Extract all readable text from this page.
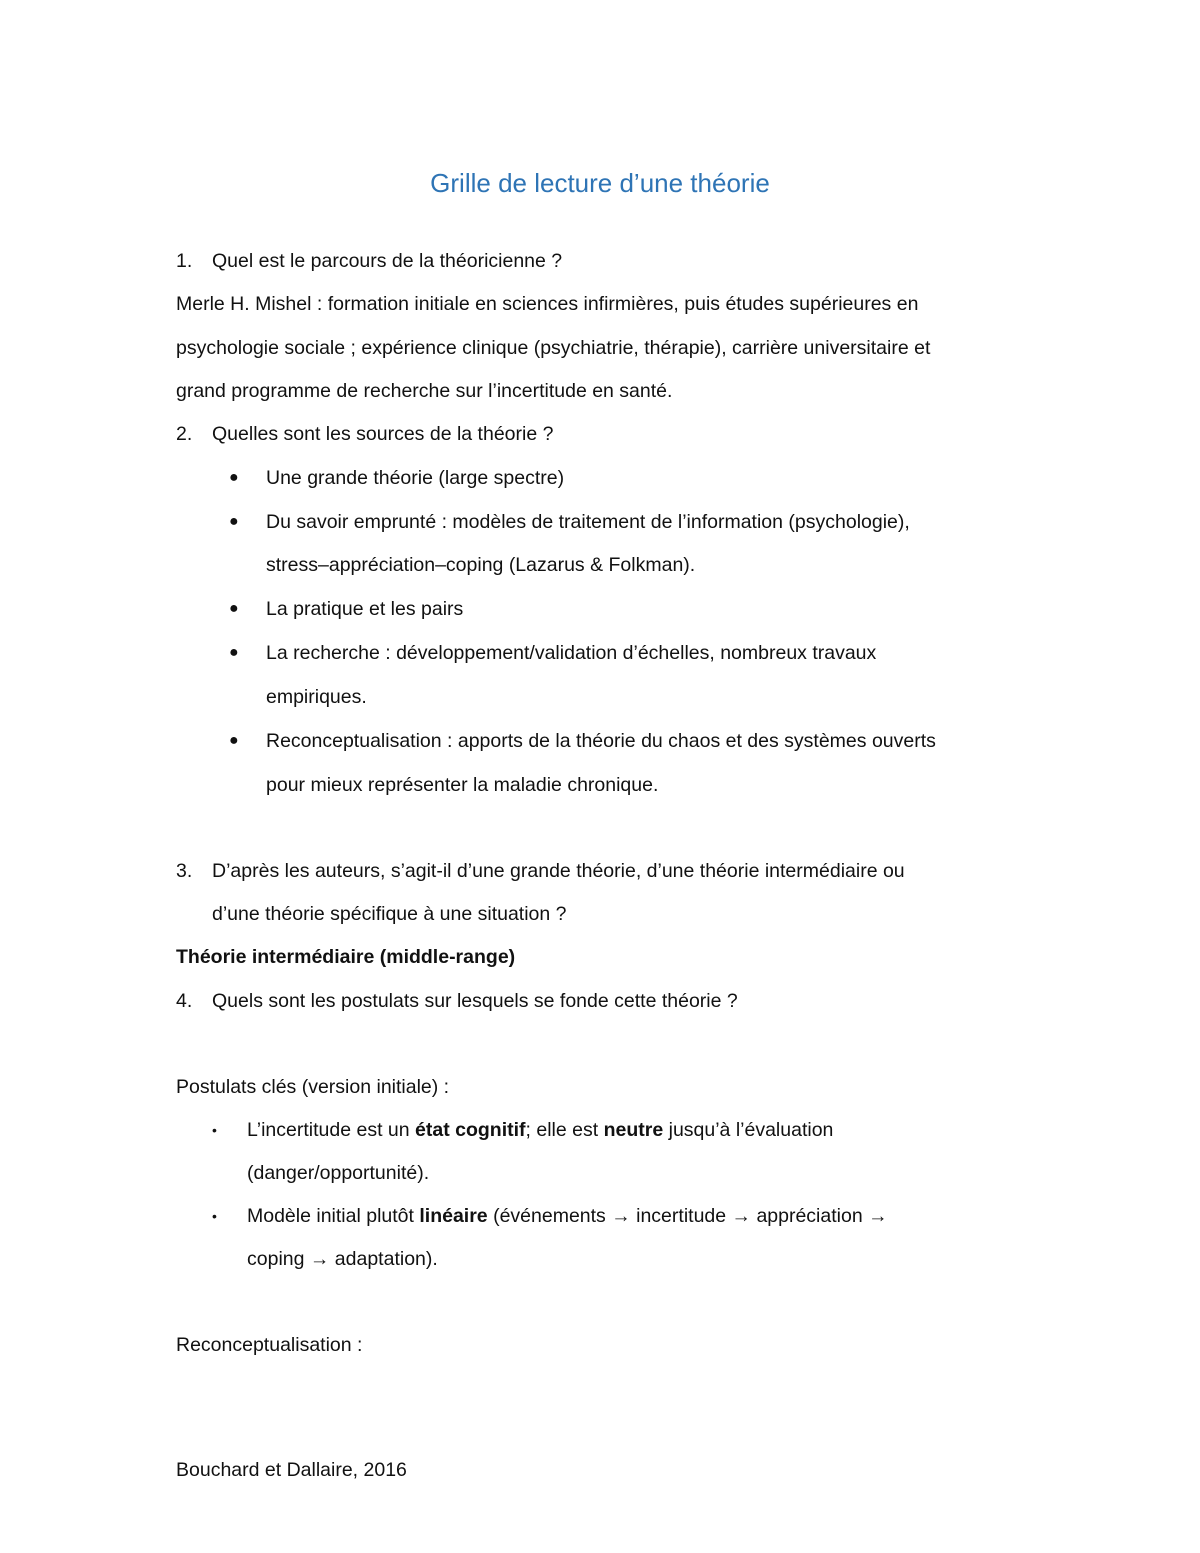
Grille de lecture d’une théorie
1. Quel est le parcours de la théoricienne ?
Merle H. Mishel : formation initiale en sciences infirmières, puis études supérieures en
psychologie sociale ; expérience clinique (psychiatrie, thérapie), carrière universitaire et
grand programme de recherche sur l’incertitude en santé.
2. Quelles sont les sources de la théorie ?
● Une grande théorie (large spectre)
● Du savoir emprunté : modèles de traitement de l’information (psychologie),
stress–appréciation–coping (Lazarus & Folkman).
● La pratique et les pairs
● La recherche : développement/validation d’échelles, nombreux travaux
empiriques.
● Reconceptualisation : apports de la théorie du chaos et des systèmes ouverts
pour mieux représenter la maladie chronique.
3. D’après les auteurs, s’agit-il d’une grande théorie, d’une théorie intermédiaire ou
d’une théorie spécifique à une situation ?
Théorie intermédiaire (middle-range)
4. Quels sont les postulats sur lesquels se fonde cette théorie ?
Postulats clés (version initiale) :
• L’incertitude est un état cognitif; elle est neutre jusqu’à l’évaluation
(danger/opportunité).
• Modèle initial plutôt linéaire (événements → incertitude → appréciation →
coping → adaptation).
Reconceptualisation :
Bouchard et Dallaire, 2016
